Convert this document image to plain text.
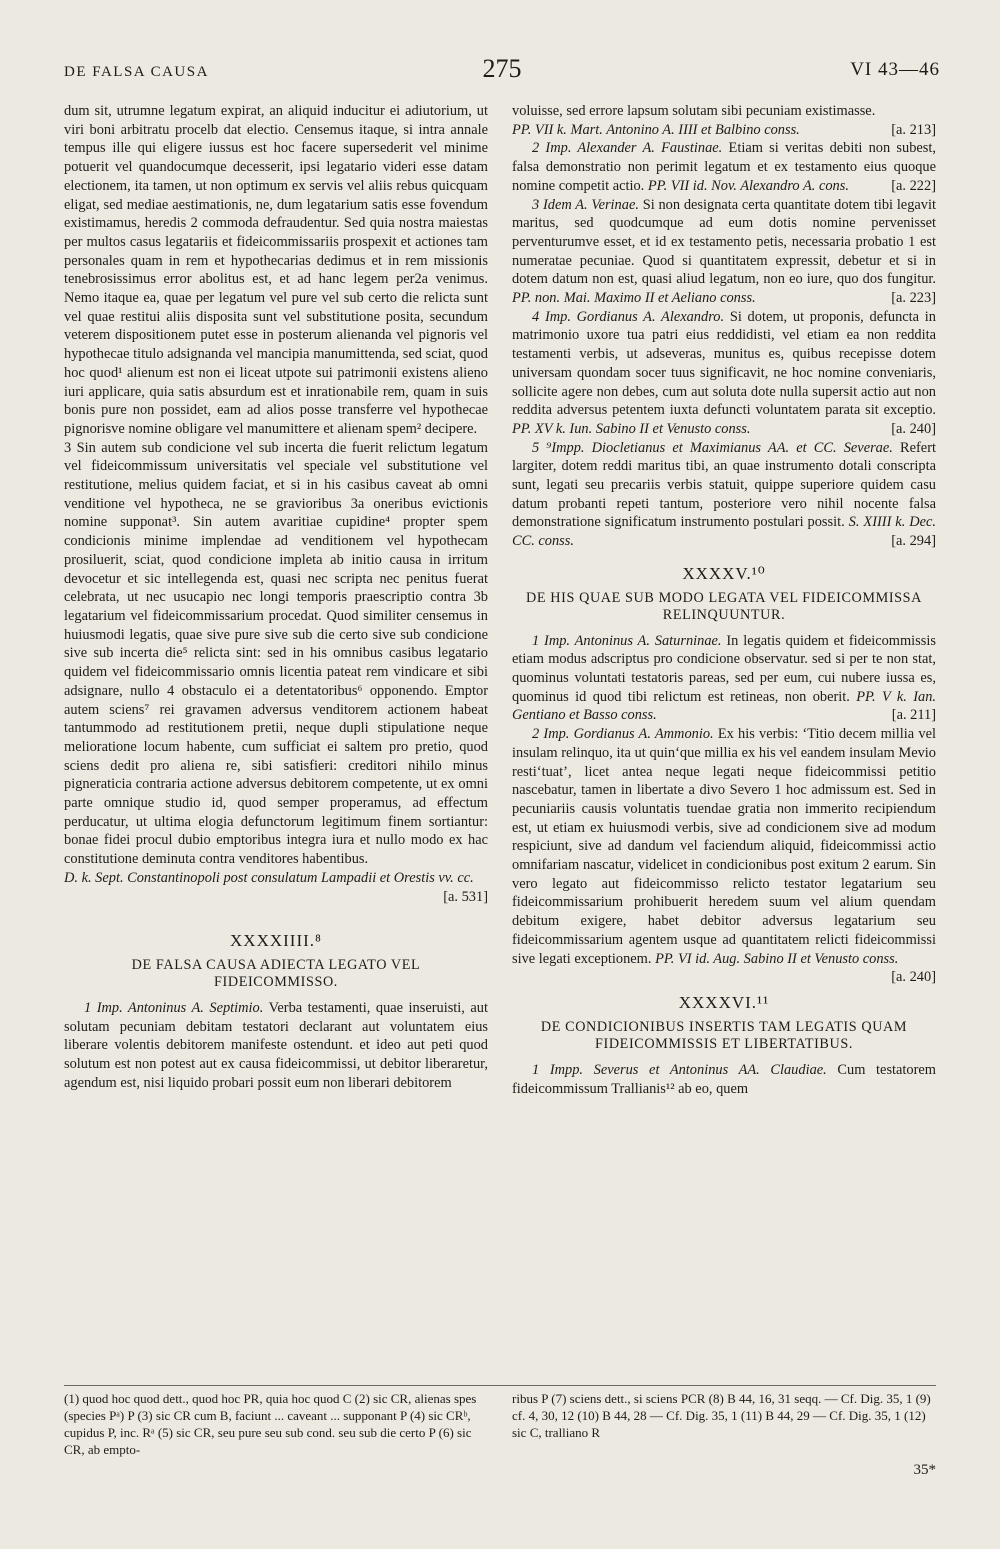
DE FALSA CAUSA	275	VI 43—46

dum sit, utrumne legatum expirat, an aliquid inducitur ei adiutorium, ut viri boni arbitratu procelb dat electio. Censemus itaque, si intra annale tempus ille qui eligere iussus est hoc facere supersederit vel minime potuerit vel quandocumque decesserit, ipsi legatario videri esse datam electionem, ita tamen, ut non optimum ex servis vel aliis rebus quicquam eligat, sed mediae aestimationis, ne, dum legatarium satis esse fovendum existimamus, heredis 2 commoda defraudentur. Sed quia nostra maiestas per multos casus legatariis et fideicommissariis prospexit et actiones tam personales quam in rem et hypothecarias dedimus et in rem missionis tenebrosissimus error abolitus est, et ad hanc legem per2a venimus. Nemo itaque ea, quae per legatum vel pure vel sub certo die relicta sunt vel quae restitui aliis disposita sunt vel substitutione posita, secundum veterem dispositionem putet esse in posterum alienanda vel pignoris vel hypothecae titulo adsignanda vel mancipia manumittenda, sed sciat, quod hoc quod¹ alienum est non ei liceat utpote sui patrimonii existens alieno iuri applicare, quia satis absurdum est et inrationabile rem, quam in suis bonis pure non possidet, eam ad alios posse transferre vel hypothecae pignorisve nomine obligare vel manumittere et alienam spem² decipere.

3 Sin autem sub condicione vel sub incerta die fuerit relictum legatum vel fideicommissum universitatis vel speciale vel substitutione vel restitutione, melius quidem faciat, et si in his casibus caveat ab omni venditione vel hypotheca, ne se gravioribus 3a oneribus evictionis nomine supponat³. Sin autem avaritiae cupidine⁴ propter spem condicionis minime implendae ad venditionem vel hypothecam prosiluerit, sciat, quod condicione impleta ab initio causa in irritum devocetur et sic intellegenda est, quasi nec scripta nec penitus fuerat celebrata, ut nec usucapio nec longi temporis praescriptio contra 3b legatarium vel fideicommissarium procedat. Quod similiter censemus in huiusmodi legatis, quae sive pure sive sub die certo sive sub condicione sive sub incerta die⁵ relicta sint: sed in his omnibus casibus legatario quidem vel fideicommissario omnis licentia pateat rem vindicare et sibi adsignare, nullo 4 obstaculo ei a detentatoribus⁶ opponendo. Emptor autem sciens⁷ rei gravamen adversus venditorem actionem habeat tantummodo ad restitutionem pretii, neque dupli stipulatione neque melioratione locum habente, cum sufficiat ei saltem pro pretio, quod sciens dedit pro aliena re, sibi satisfieri: creditori nihilo minus pigneraticia contraria actione adversus debitorem competente, ut ex omni parte omnique studio id, quod semper properamus, ad effectum perducatur, ut ultima elogia defunctorum legitimum finem sortiantur: bonae fidei procul dubio emptoribus integra iura et nullo modo ex hac constitutione deminuta contra venditores habentibus.

D. k. Sept. Constantinopoli post consulatum Lampadii et Orestis vv. cc.

[a. 531]

XXXXIIII.⁸
DE FALSA CAUSA ADIECTA LEGATO VEL FIDEICOMMISSO.

1 Imp. Antoninus A. Septimio. Verba testamenti, quae inseruisti, aut solutam pecuniam debitam testatori declarant aut voluntatem eius liberare volentis debitorem manifeste ostendunt. et ideo aut peti quod solutum est non potest aut ex causa fideicommissi, ut debitor liberaretur, agendum est, nisi liquido probari possit eum non liberari debitorem

voluisse, sed errore lapsum solutam sibi pecuniam existimasse.

PP. VII k. Mart. Antonino A. IIII et Balbino conss.	[a. 213]

2 Imp. Alexander A. Faustinae. Etiam si veritas debiti non subest, falsa demonstratio non perimit legatum et ex testamento eius quoque nomine competit actio. PP. VII id. Nov. Alexandro A. cons.	[a. 222]

3 Idem A. Verinae. Si non designata certa quantitate dotem tibi legavit maritus, sed quodcumque ad eum dotis nomine pervenisset perventurumve esset, et id ex testamento petis, necessaria probatio 1 est numeratae pecuniae. Quod si quantitatem expressit, debetur et si in dotem datum non est, quasi aliud legatum, non eo iure, quo dos fungitur. PP. non. Mai. Maximo II et Aeliano conss.	[a. 223]

4 Imp. Gordianus A. Alexandro. Si dotem, ut proponis, defuncta in matrimonio uxore tua patri eius reddidisti, vel etiam ea non reddita testamenti verbis, ut adseveras, munitus es, quibus recepisse dotem universam quondam socer tuus significavit, ne hoc nomine conveniaris, sollicite agere non debes, cum aut soluta dote nulla supersit actio aut non reddita adversus petentem iuxta defuncti voluntatem parata sit exceptio. PP. XV k. Iun. Sabino II et Venusto conss.	[a. 240]

5 ⁹Impp. Diocletianus et Maximianus AA. et CC. Severae. Refert largiter, dotem reddi maritus tibi, an quae instrumento dotali conscripta sunt, legati seu precariis verbis statuit, quippe superiore quidem casu datum probanti repeti tantum, posteriore vero nihil nocente falsa demonstratione significatum instrumento postulari possit. S. XIIII k. Dec. CC. conss.	[a. 294]

XXXXV.¹⁰
DE HIS QUAE SUB MODO LEGATA VEL FIDEICOMMISSA RELINQUUNTUR.

1 Imp. Antoninus A. Saturninae. In legatis quidem et fideicommissis etiam modus adscriptus pro condicione observatur. sed si per te non stat, quominus voluntati testatoris pareas, sed per eum, cui nubere iussa es, quominus id quod tibi relictum est retineas, non oberit. PP. V k. Ian. Gentiano et Basso conss.	[a. 211]

2 Imp. Gordianus A. Ammonio. Ex his verbis: ‘Titio decem millia vel insulam relinquo, ita ut quin‘que millia ex his vel eandem insulam Mevio resti‘tuat’, licet antea neque legati neque fideicommissi petitio nascebatur, tamen in libertate a divo Severo 1 hoc admissum est. Sed in pecuniariis causis voluntatis tuendae gratia non immerito recipiendum est, ut etiam ex huiusmodi verbis, sive ad condicionem sive ad modum respiciunt, sive ad dandum vel faciendum aliquid, fideicommissi actio omnifariam nascatur, videlicet in condicionibus post exitum 2 earum. Sin vero legato aut fideicommisso relicto testator legatarium seu fideicommissarium prohibuerit heredem suum vel alium quendam debitum exigere, habet debitor adversus legatarium seu fideicommissarium agentem usque ad quantitatem relicti fideicommissi sive legati exceptionem. PP. VI id. Aug. Sabino II et Venusto conss.
[a. 240]

XXXXVI.¹¹
DE CONDICIONIBUS INSERTIS TAM LEGATIS QUAM FIDEICOMMISSIS ET LIBERTATIBUS.

1 Impp. Severus et Antoninus AA. Claudiae. Cum testatorem fideicommissum Trallianis¹² ab eo, quem

(1) quod hoc quod dett., quod hoc PR, quia hoc quod C (2) sic CR, alienas spes (species Pᵃ) P (3) sic CR cum B, faciunt ... caveant ... supponant P (4) sic CRᵇ, cupidus P, inc. Rᵃ (5) sic CR, seu pure seu sub cond. seu sub die certo P (6) sic CR, ab empto-
ribus P (7) sciens dett., si sciens PCR (8) B 44, 16, 31 seqq. — Cf. Dig. 35, 1 (9) cf. 4, 30, 12 (10) B 44, 28 — Cf. Dig. 35, 1 (11) B 44, 29 — Cf. Dig. 35, 1 (12) sic C, tralliano R
35*
